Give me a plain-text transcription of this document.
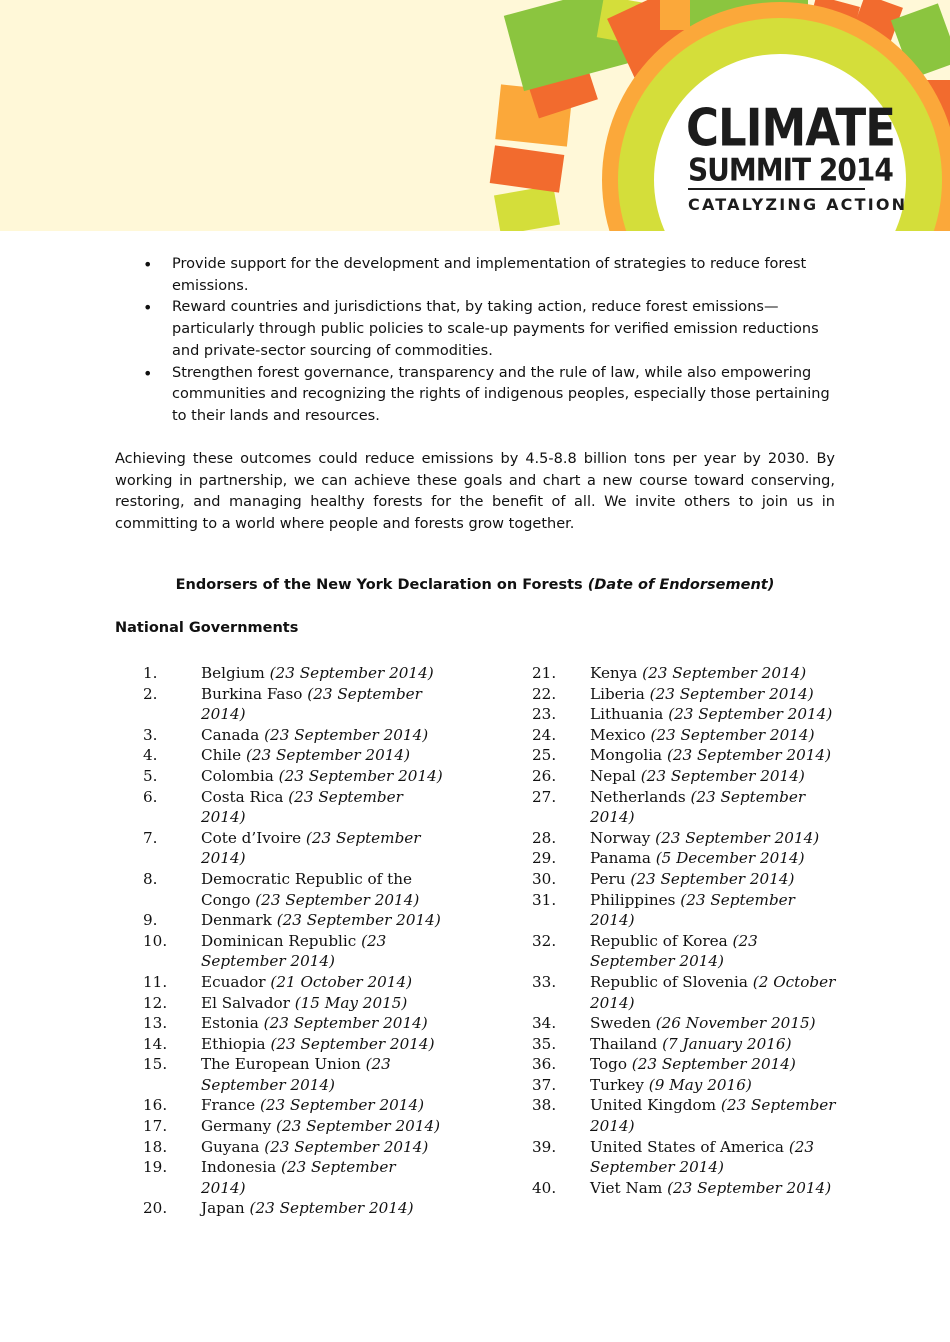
CLIMATE
SUMMIT 2014
CATALYZING ACTION
• Provide support for the development and implementation of strategies to reduce forest emissions.
• Reward countries and jurisdictions that, by taking action, reduce forest emissions—particularly through public policies to scale-up payments for verified emission reductions and private-sector sourcing of commodities.
• Strengthen forest governance, transparency and the rule of law, while also empowering communities and recognizing the rights of indigenous peoples, especially those pertaining to their lands and resources.

Achieving these outcomes could reduce emissions by 4.5-8.8 billion tons per year by 2030. By working in partnership, we can achieve these goals and chart a new course toward conserving, restoring, and managing healthy forests for the benefit of all. We invite others to join us in committing to a world where people and forests grow together.

Endorsers of the New York Declaration on Forests (Date of Endorsement)

National Governments

1.	Belgium (23 September 2014)
2.	Burkina Faso (23 September 2014)
3.	Canada (23 September 2014)
4.	Chile (23 September 2014)
5.	Colombia (23 September 2014)
6.	Costa Rica (23 September 2014)
7.	Cote d’Ivoire (23 September 2014)
8.	Democratic Republic of the Congo (23 September 2014)
9.	Denmark (23 September 2014)
10.	Dominican Republic (23 September 2014)
11.	Ecuador (21 October 2014)
12.	El Salvador (15 May 2015)
13.	Estonia (23 September 2014)
14.	Ethiopia (23 September 2014)
15.	The European Union (23 September 2014)
16.	France (23 September 2014)
17.	Germany (23 September 2014)
18.	Guyana (23 September 2014)
19.	Indonesia (23 September 2014)
20.	Japan (23 September 2014)
21.	Kenya (23 September 2014)
22.	Liberia (23 September 2014)
23.	Lithuania (23 September 2014)
24.	Mexico (23 September 2014)
25.	Mongolia (23 September 2014)
26.	Nepal (23 September 2014)
27.	Netherlands (23 September 2014)
28.	Norway (23 September 2014)
29.	Panama (5 December 2014)
30.	Peru (23 September 2014)
31.	Philippines (23 September 2014)
32.	Republic of Korea (23 September 2014)
33.	Republic of Slovenia (2 October 2014)
34.	Sweden (26 November 2015)
35.	Thailand (7 January 2016)
36.	Togo (23 September 2014)
37.	Turkey (9 May 2016)
38.	United Kingdom (23 September 2014)
39.	United States of America (23 September 2014)
40.	Viet Nam (23 September 2014)
